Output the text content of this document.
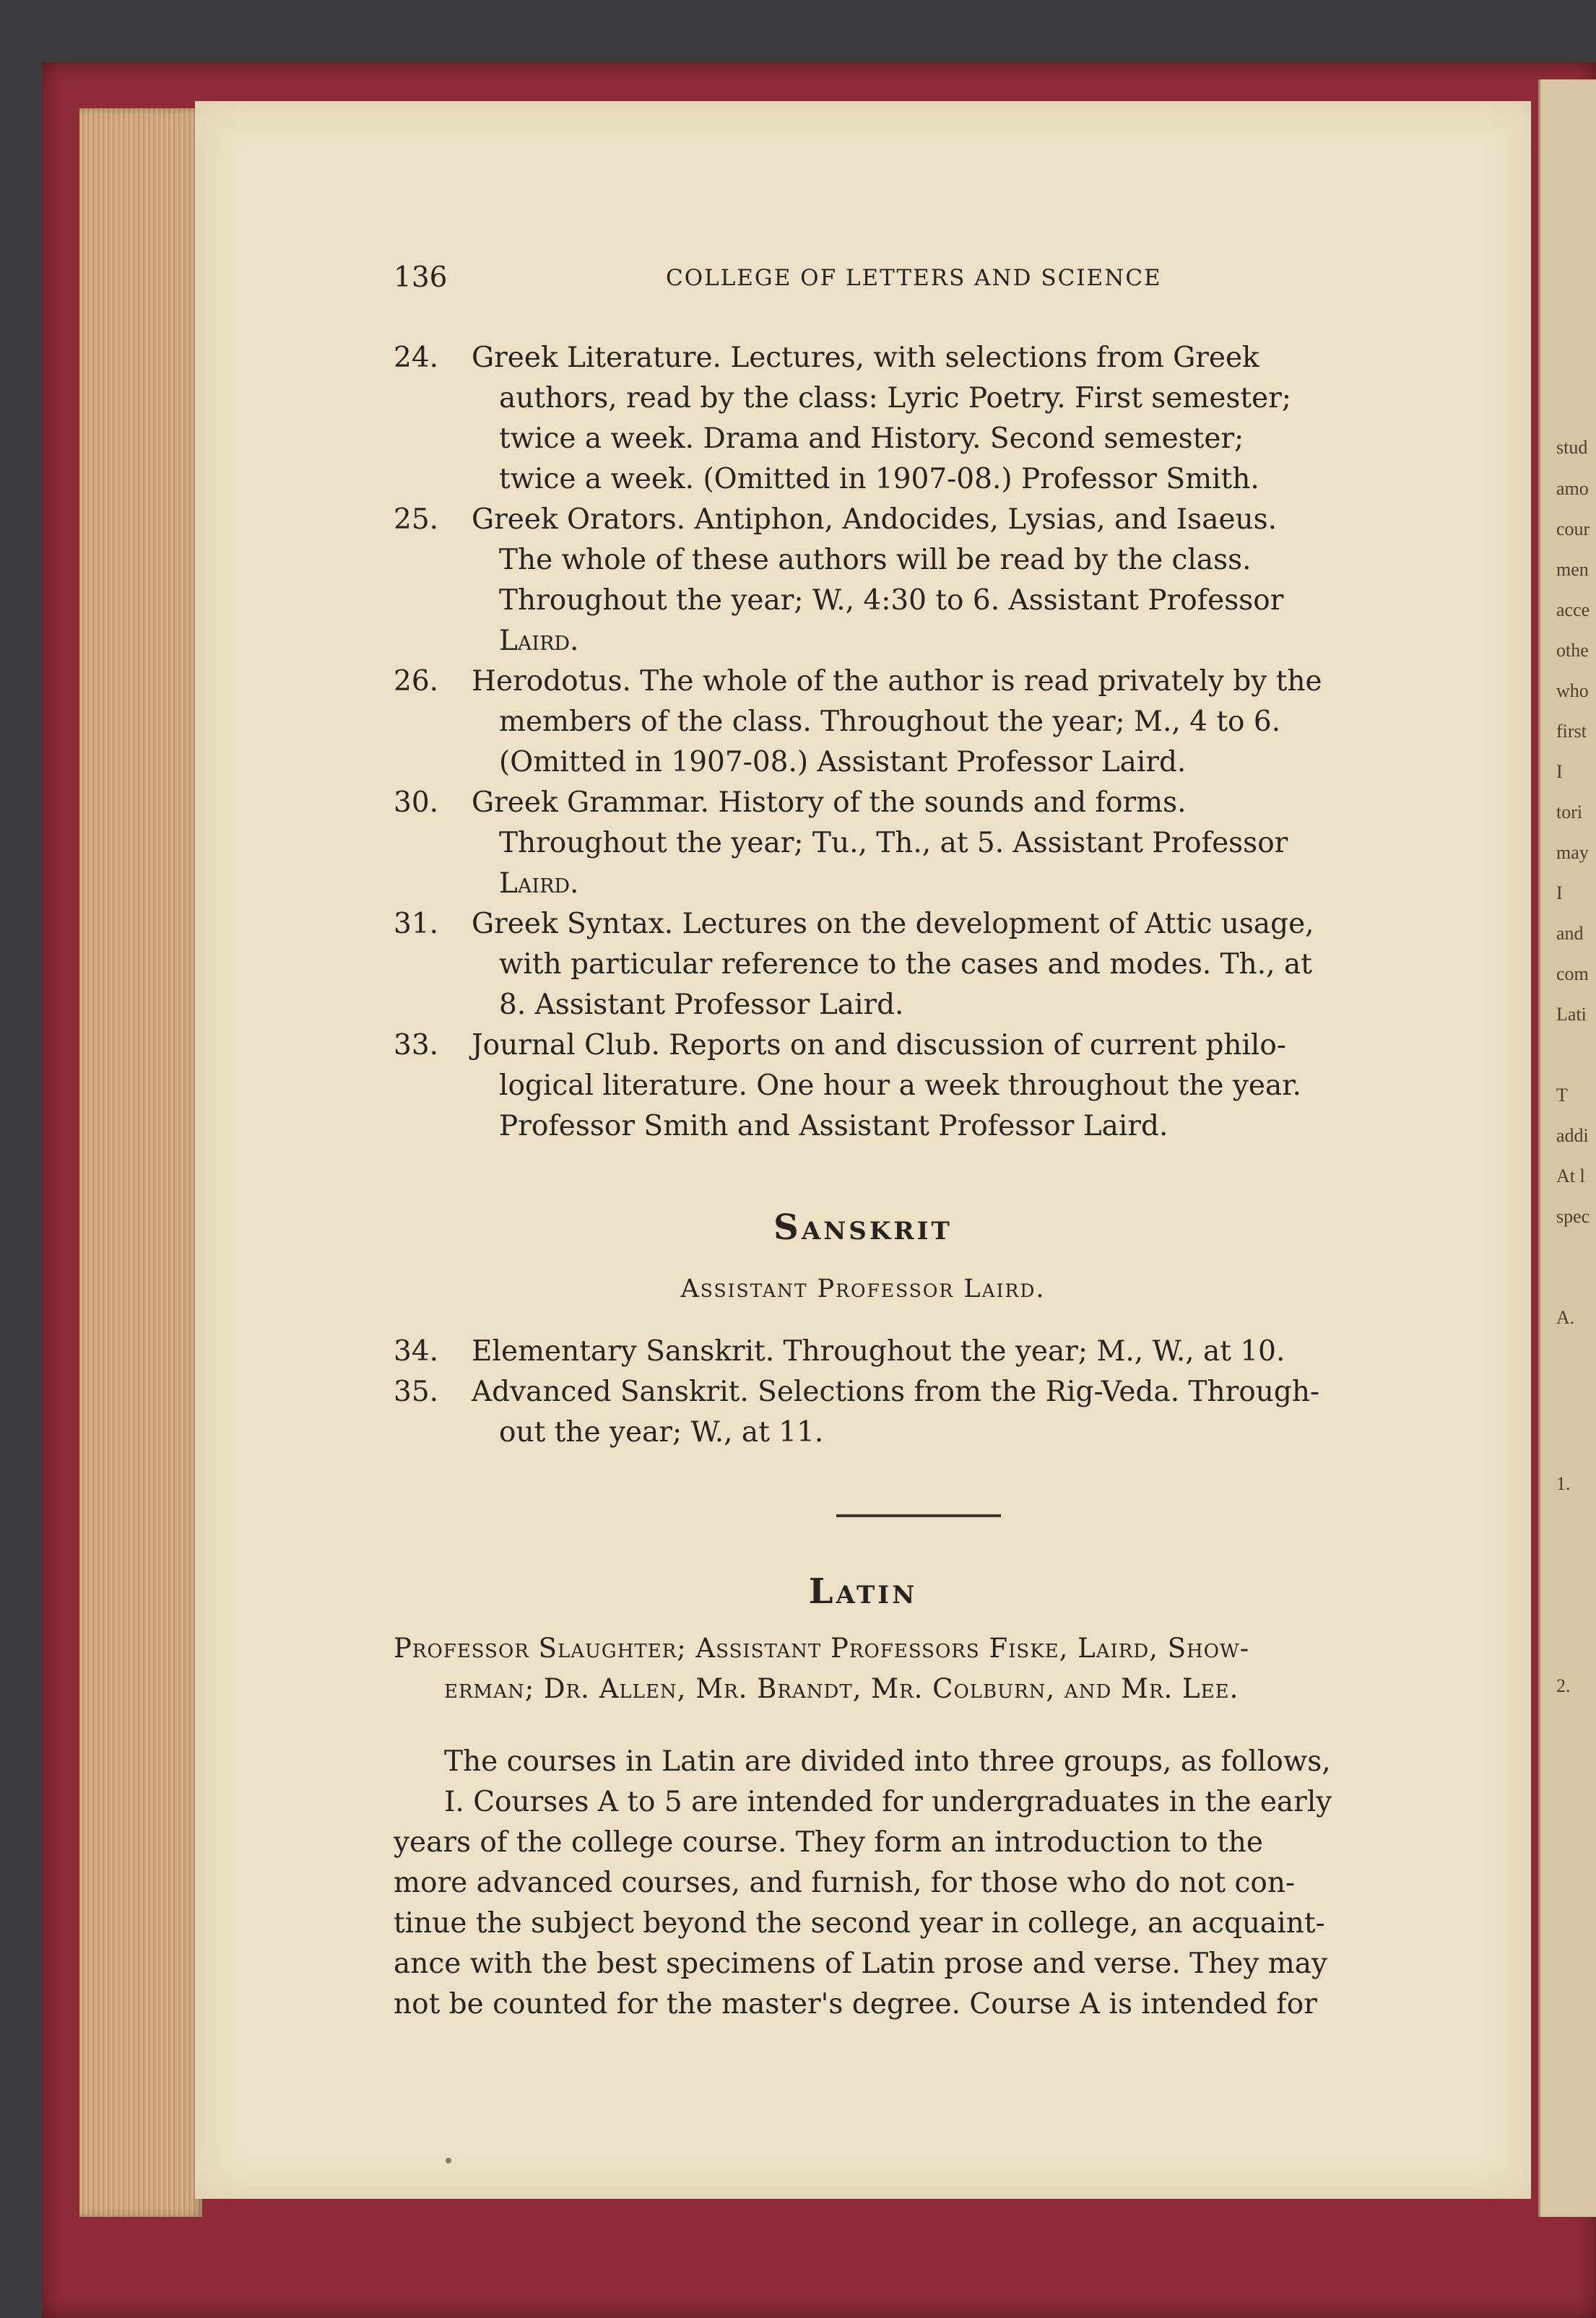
stud
amo
cour
men
acce
othe
who
first
I
tori
may
I
and
com
Lati
T
addi
At l
spec
A.
1.
2.
136	COLLEGE OF LETTERS AND SCIENCE
24. Greek Literature. Lectures, with selections from Greek
authors, read by the class: Lyric Poetry. First semester;
twice a week. Drama and History. Second semester;
twice a week. (Omitted in 1907-08.) Professor Smith.
25. Greek Orators. Antiphon, Andocides, Lysias, and Isaeus.
The whole of these authors will be read by the class.
Throughout the year; W., 4:30 to 6. Assistant Professor
Laird.
26. Herodotus. The whole of the author is read privately by the
members of the class. Throughout the year; M., 4 to 6.
(Omitted in 1907-08.) Assistant Professor Laird.
30. Greek Grammar. History of the sounds and forms.
Throughout the year; Tu., Th., at 5. Assistant Professor
Laird.
31. Greek Syntax. Lectures on the development of Attic usage,
with particular reference to the cases and modes. Th., at
8. Assistant Professor Laird.
33. Journal Club. Reports on and discussion of current philo-
logical literature. One hour a week throughout the year.
Professor Smith and Assistant Professor Laird.
Sanskrit
Assistant Professor Laird.
34. Elementary Sanskrit. Throughout the year; M., W., at 10.
35. Advanced Sanskrit. Selections from the Rig-Veda. Through-
out the year; W., at 11.
Latin
Professor Slaughter; Assistant Professors Fiske, Laird, Show-
erman; Dr. Allen, Mr. Brandt, Mr. Colburn, and Mr. Lee.
The courses in Latin are divided into three groups, as follows,
I. Courses A to 5 are intended for undergraduates in the early
years of the college course. They form an introduction to the
more advanced courses, and furnish, for those who do not con-
tinue the subject beyond the second year in college, an acquaint-
ance with the best specimens of Latin prose and verse. They may
not be counted for the master's degree. Course A is intended for
